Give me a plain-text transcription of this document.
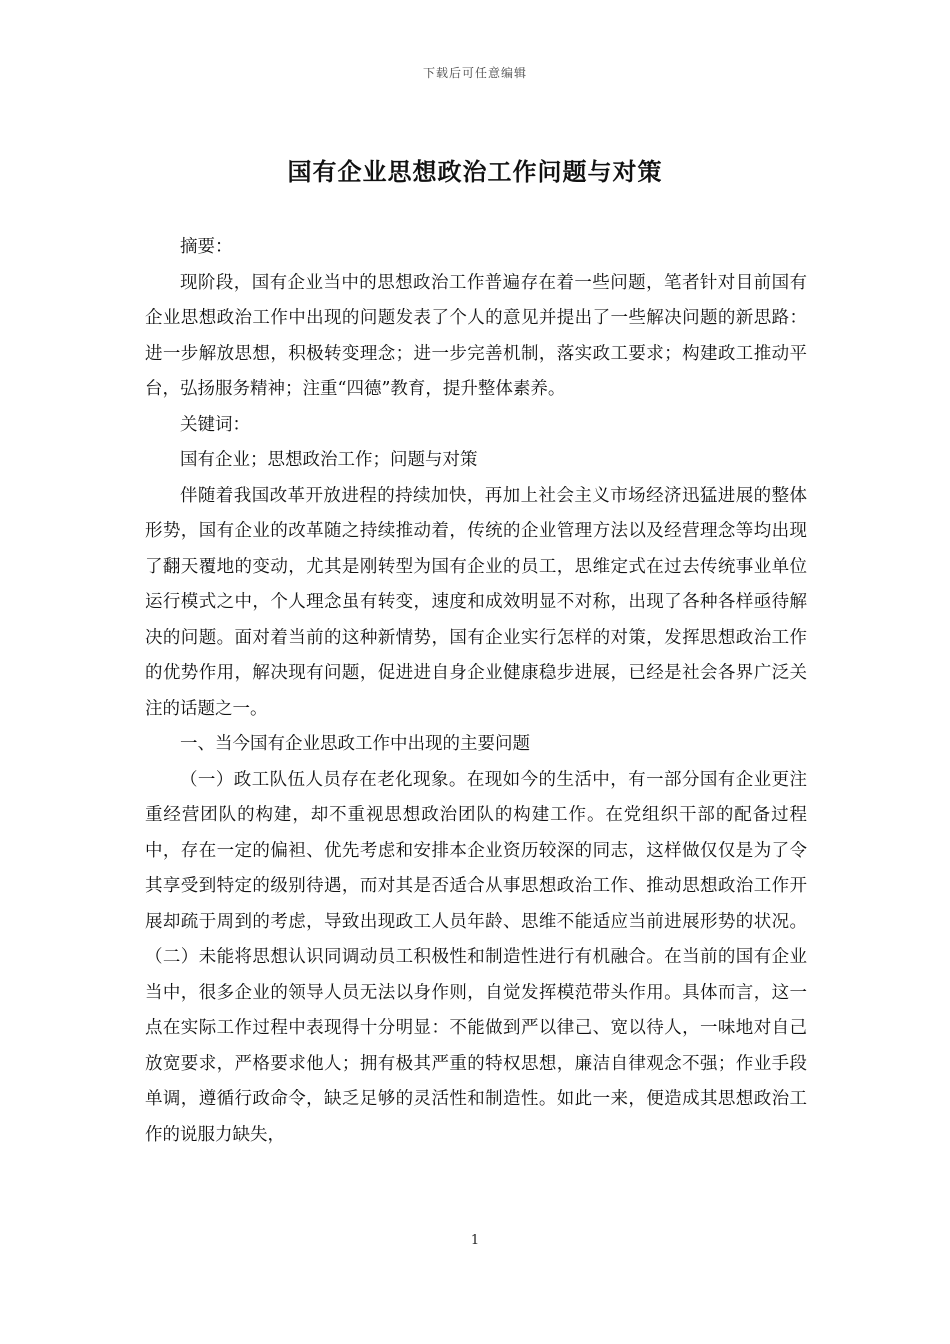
下载后可任意编辑
国有企业思想政治工作问题与对策

摘要：

现阶段，国有企业当中的思想政治工作普遍存在着一些问题，笔者针对目前国有企业思想政治工作中出现的问题发表了个人的意见并提出了一些解决问题的新思路：进一步解放思想，积极转变理念；进一步完善机制，落实政工要求；构建政工推动平台，弘扬服务精神；注重“四德”教育，提升整体素养。

关键词：

国有企业；思想政治工作；问题与对策

伴随着我国改革开放进程的持续加快，再加上社会主义市场经济迅猛进展的整体形势，国有企业的改革随之持续推动着，传统的企业管理方法以及经营理念等均出现了翻天覆地的变动，尤其是刚转型为国有企业的员工，思维定式在过去传统事业单位运行模式之中，个人理念虽有转变，速度和成效明显不对称，出现了各种各样亟待解决的问题。面对着当前的这种新情势，国有企业实行怎样的对策，发挥思想政治工作的优势作用，解决现有问题，促进进自身企业健康稳步进展，已经是社会各界广泛关注的话题之一。

一、当今国有企业思政工作中出现的主要问题

（一）政工队伍人员存在老化现象。在现如今的生活中，有一部分国有企业更注重经营团队的构建，却不重视思想政治团队的构建工作。在党组织干部的配备过程中，存在一定的偏袒、优先考虑和安排本企业资历较深的同志，这样做仅仅是为了令其享受到特定的级别待遇，而对其是否适合从事思想政治工作、推动思想政治工作开展却疏于周到的考虑，导致出现政工人员年龄、思维不能适应当前进展形势的状况。（二）未能将思想认识同调动员工积极性和制造性进行有机融合。在当前的国有企业当中，很多企业的领导人员无法以身作则，自觉发挥模范带头作用。具体而言，这一点在实际工作过程中表现得十分明显：不能做到严以律己、宽以待人，一味地对自己放宽要求，严格要求他人；拥有极其严重的特权思想，廉洁自律观念不强；作业手段单调，遵循行政命令，缺乏足够的灵活性和制造性。如此一来，便造成其思想政治工作的说服力缺失，

1
